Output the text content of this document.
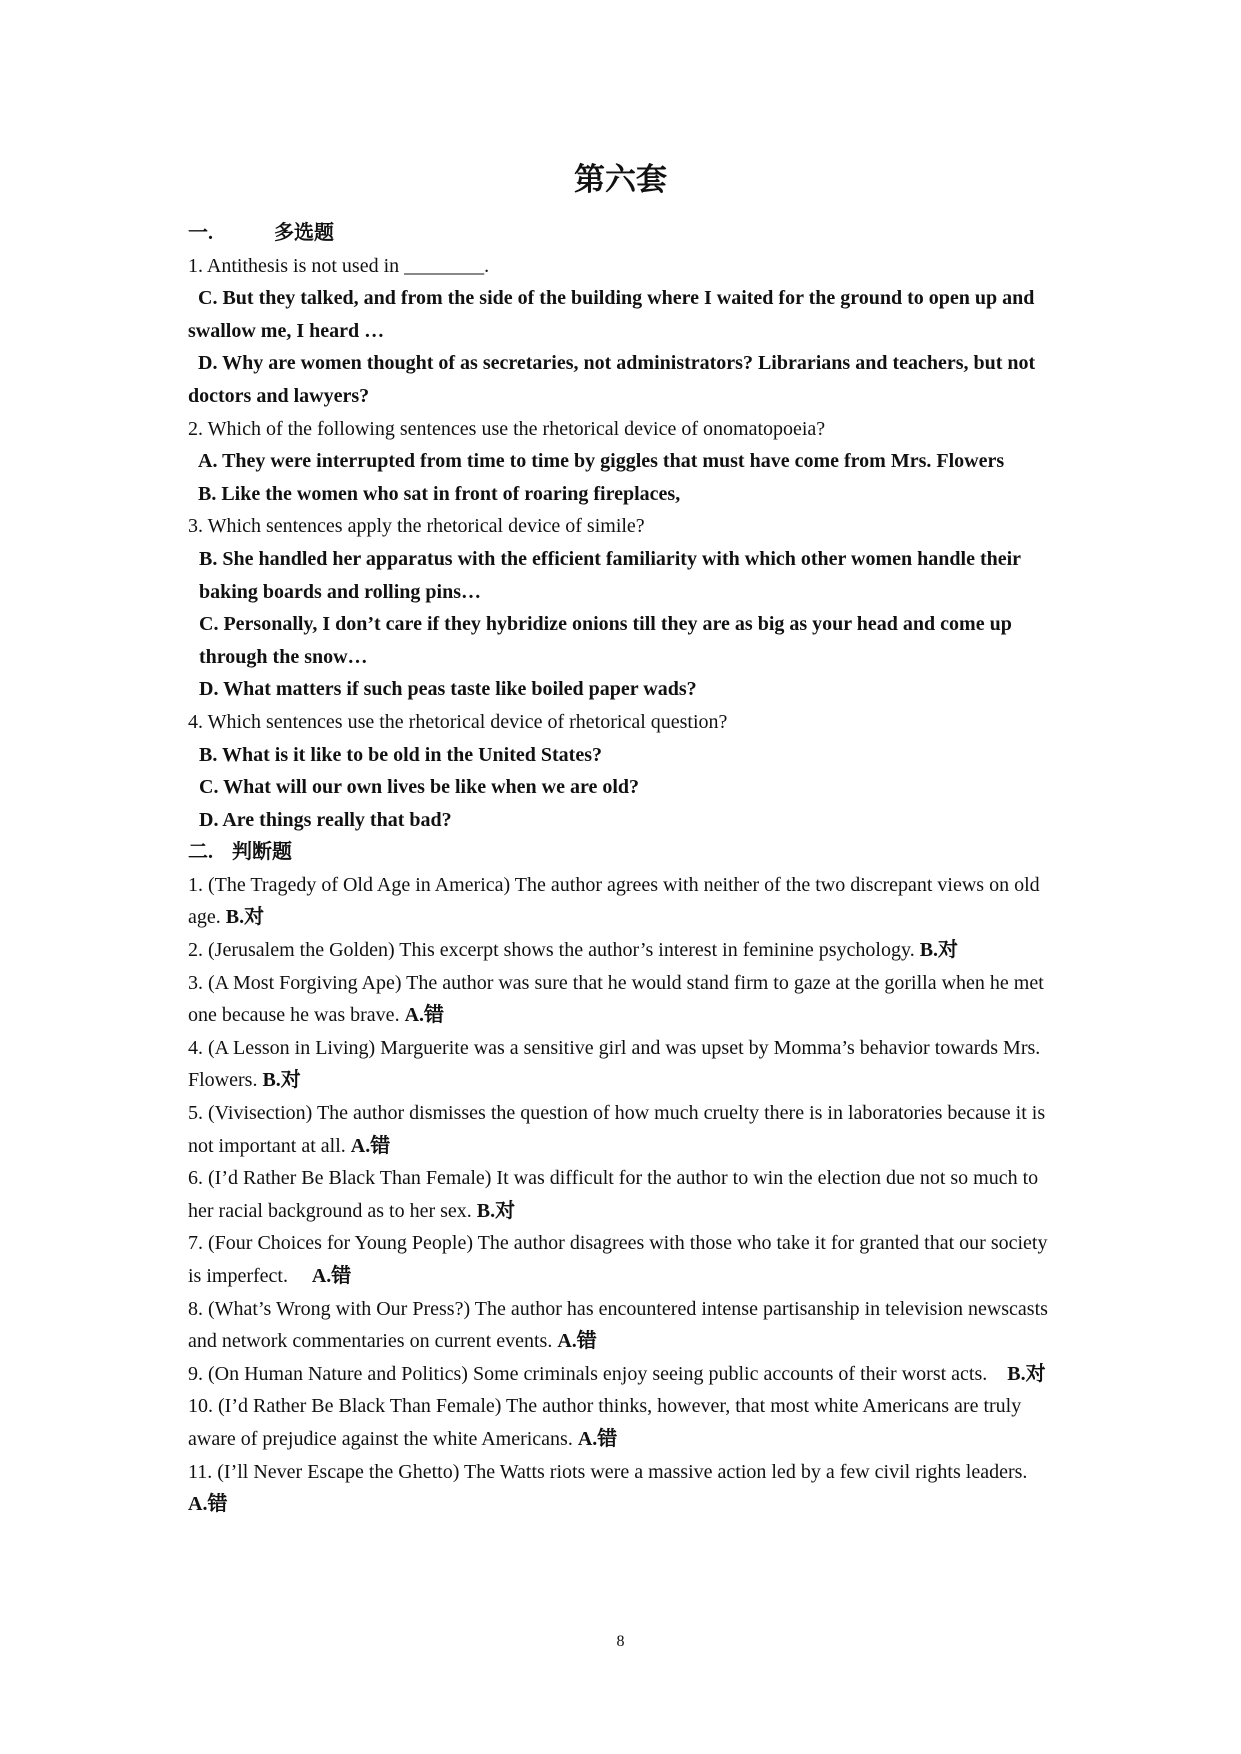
第六套
一.	多选题
1. Antithesis is not used in ________.
C. But they talked, and from the side of the building where I waited for the ground to open up and swallow me, I heard …
D. Why are women thought of as secretaries, not administrators? Librarians and teachers, but not doctors and lawyers?
2. Which of the following sentences use the rhetorical device of onomatopoeia?
A. They were interrupted from time to time by giggles that must have come from Mrs. Flowers
B. Like the women who sat in front of roaring fireplaces,
3. Which sentences apply the rhetorical device of simile?
B. She handled her apparatus with the efficient familiarity with which other women handle their baking boards and rolling pins…
C. Personally, I don’t care if they hybridize onions till they are as big as your head and come up through the snow…
D. What matters if such peas taste like boiled paper wads?
4. Which sentences use the rhetorical device of rhetorical question?
B. What is it like to be old in the United States?
C. What will our own lives be like when we are old?
D. Are things really that bad?
二. 判断题
1. (The Tragedy of Old Age in America) The author agrees with neither of the two discrepant views on old age. B.对
2. (Jerusalem the Golden) This excerpt shows the author’s interest in feminine psychology. B.对
3. (A Most Forgiving Ape) The author was sure that he would stand firm to gaze at the gorilla when he met one because he was brave. A.错
4. (A Lesson in Living) Marguerite was a sensitive girl and was upset by Momma’s behavior towards Mrs. Flowers. B.对
5. (Vivisection) The author dismisses the question of how much cruelty there is in laboratories because it is not important at all. A.错
6. (I’d Rather Be Black Than Female) It was difficult for the author to win the election due not so much to her racial background as to her sex. B.对
7. (Four Choices for Young People) The author disagrees with those who take it for granted that our society is imperfect.     A.错
8. (What’s Wrong with Our Press?) The author has encountered intense partisanship in television newscasts and network commentaries on current events. A.错
9. (On Human Nature and Politics) Some criminals enjoy seeing public accounts of their worst acts.    B.对
10. (I’d Rather Be Black Than Female) The author thinks, however, that most white Americans are truly aware of prejudice against the white Americans. A.错
11. (I’ll Never Escape the Ghetto) The Watts riots were a massive action led by a few civil rights leaders. A.错
8
